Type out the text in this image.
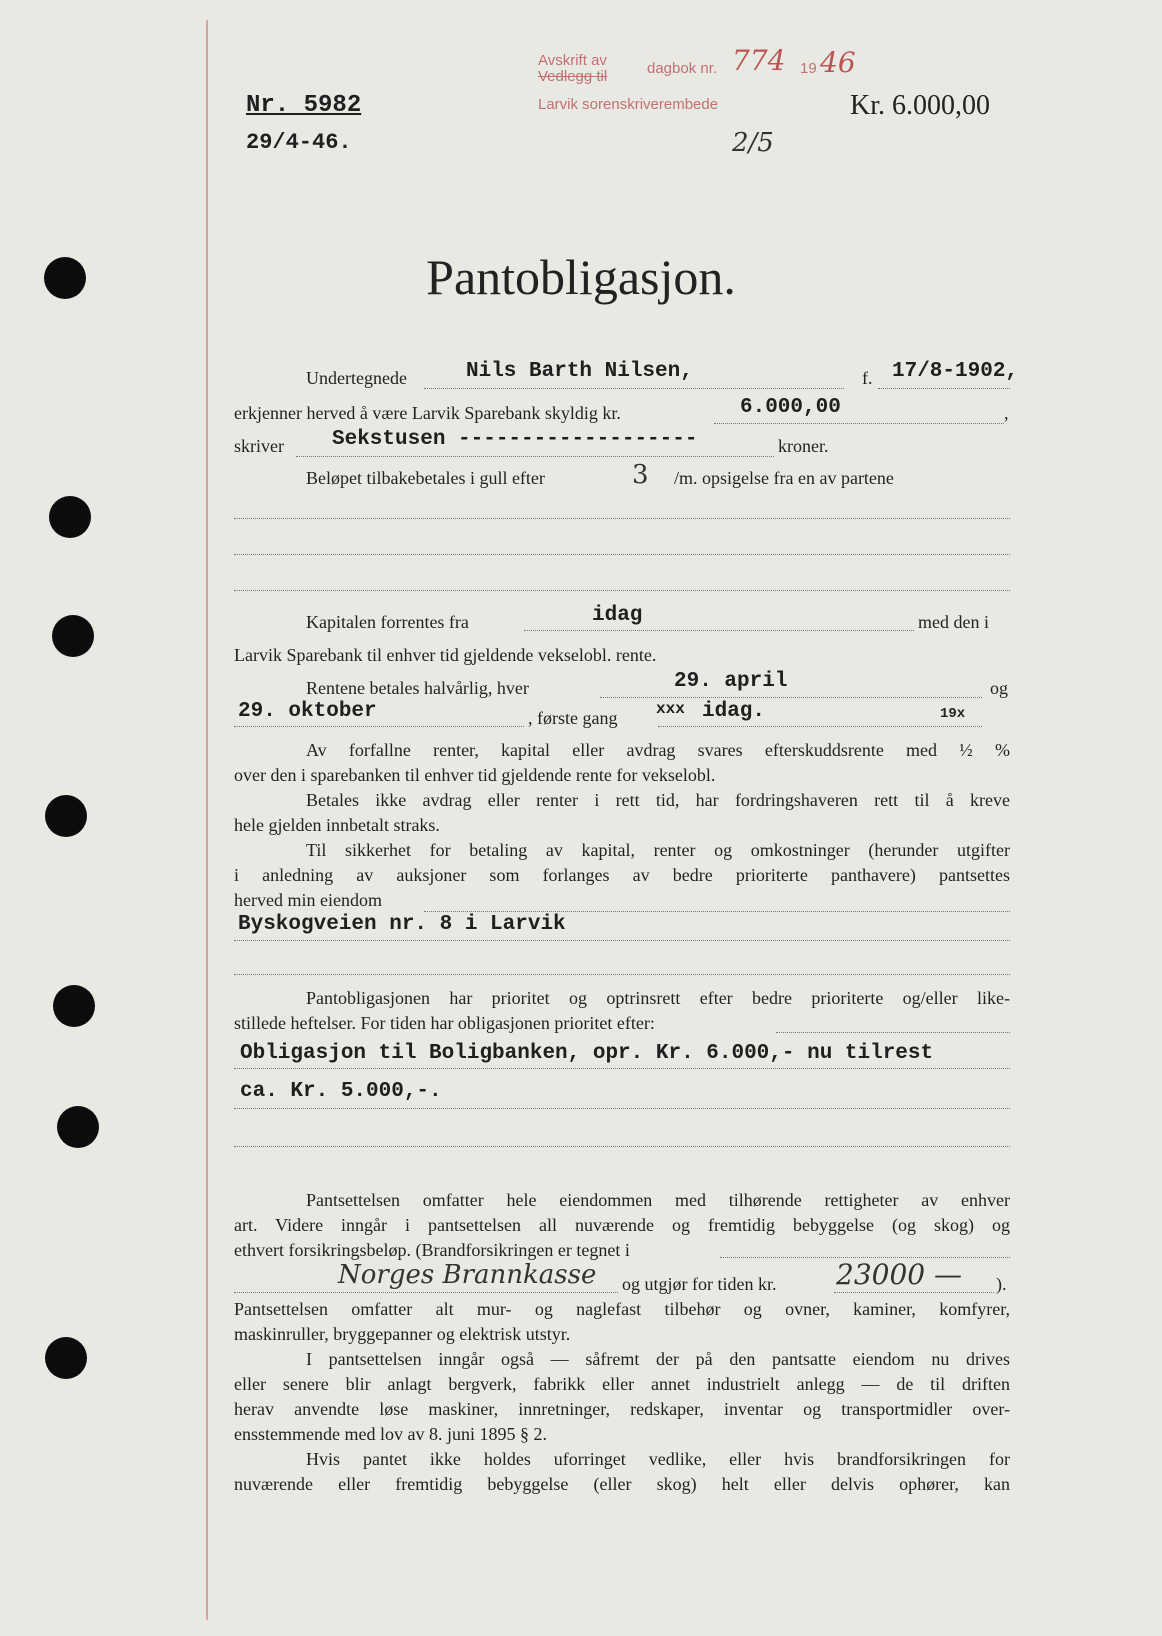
Avskrift av
Vedlegg til	dagbok nr. 774 19 46
Larvik sorenskriverembede
Nr. 5982
29/4-46.	2/5
Kr. 6.000,00
Pantobligasjon.
Undertegnede	Nils Barth Nilsen,	f. 17/8-1902,
erkjenner herved å være Larvik Sparebank skyldig kr.	6.000,00	,
skriver Sekstusen -------------------	kroner.
Beløpet tilbakebetales i gull efter	3 /m. opsigelse fra en av partene
Kapitalen forrentes fra	idag	med den i
Larvik Sparebank til enhver tid gjeldende vekselobl. rente.
Rentene betales halvårlig, hver	29. april	og
29. oktober	, første gang xxx idag.	19x

Av forfallne renter, kapital eller avdrag svares efterskuddsrente med ½ %

over den i sparebanken til enhver tid gjeldende rente for vekselobl.

Betales ikke avdrag eller renter i rett tid, har fordringshaveren rett til å kreve

hele gjelden innbetalt straks.

Til sikkerhet for betaling av kapital, renter og omkostninger (herunder utgifter

i anledning av auksjoner som forlanges av bedre prioriterte panthavere) pantsettes

herved min eiendom

Byskogveien nr. 8 i Larvik

Pantobligasjonen har prioritet og optrinsrett efter bedre prioriterte og/eller like-

stillede heftelser. For tiden har obligasjonen prioritet efter:

Obligasjon til Boligbanken, opr. Kr. 6.000,- nu tilrest
ca. Kr. 5.000,-.

Pantsettelsen omfatter hele eiendommen med tilhørende rettigheter av enhver

art. Videre inngår i pantsettelsen all nuværende og fremtidig bebyggelse (og skog) og

ethvert forsikringsbeløp. (Brandforsikringen er tegnet i

Norges Brannkasse og utgjør for tiden kr. 23000 — ).

Pantsettelsen omfatter alt mur- og naglefast tilbehør og ovner, kaminer, komfyrer,

maskinruller, bryggepanner og elektrisk utstyr.

I pantsettelsen inngår også — såfremt der på den pantsatte eiendom nu drives

eller senere blir anlagt bergverk, fabrikk eller annet industrielt anlegg — de til driften

herav anvendte løse maskiner, innretninger, redskaper, inventar og transportmidler over-

ensstemmende med lov av 8. juni 1895 § 2.

Hvis pantet ikke holdes uforringet vedlike, eller hvis brandforsikringen for

nuværende eller fremtidig bebyggelse (eller skog) helt eller delvis ophører, kan
